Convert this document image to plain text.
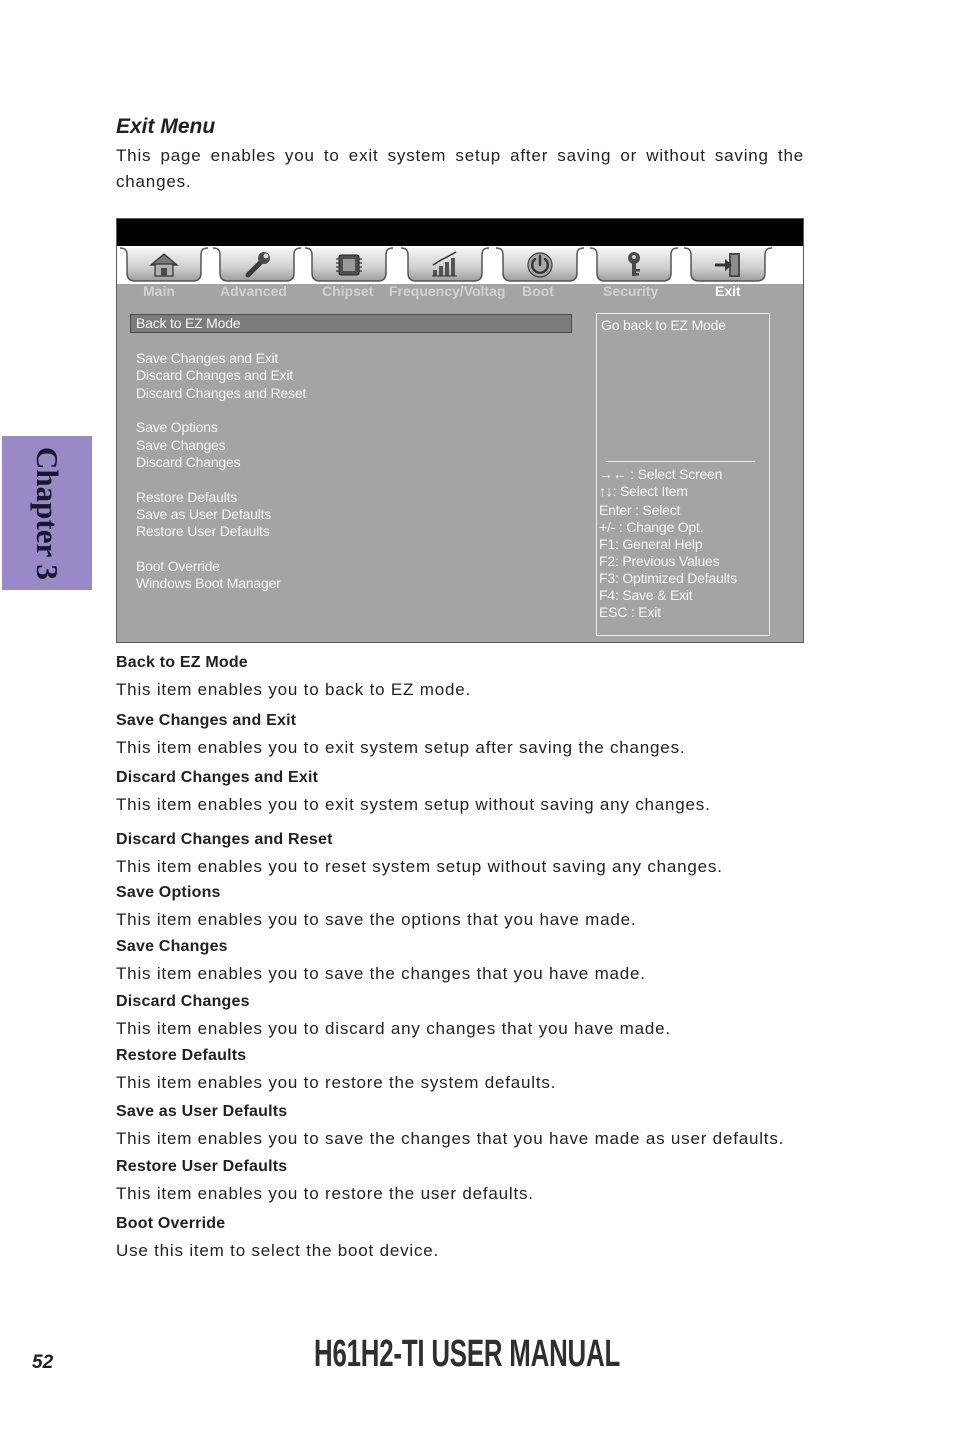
Exit Menu

This page enables you to exit system setup after saving or without saving the changes.

Chapter 3
Main	Advanced	Chipset Frequency/Voltag Boot	Security	Exit
Back to EZ Mode
Save Changes and Exit
Discard Changes and Exit
Discard Changes and Reset
Save Options
Save Changes
Discard Changes
Restore Defaults
Save as User Defaults
Restore User Defaults
Boot Override
Windows Boot Manager
Go back to EZ Mode
→← : Select Screen
↑↓: Select Item
Enter : Select
+/- : Change Opt.
F1: General Help
F2: Previous Values
F3: Optimized Defaults
F4: Save & Exit
ESC : Exit
Back to EZ Mode
This item enables you to back to EZ mode.
Save Changes and Exit
This item enables you to exit system setup after saving the changes.
Discard Changes and Exit
This item enables you to exit system setup without saving any changes.
Discard Changes and Reset
This item enables you to reset system setup without saving any changes.
Save Options
This item enables you to save the options that you have made.
Save Changes
This item enables you to save the changes that you have made.
Discard Changes
This item enables you to discard any changes that you have made.
Restore Defaults
This item enables you to restore the system defaults.
Save as User Defaults
This item enables you to save the changes that you have made as user defaults.
Restore User Defaults
This item enables you to restore the user defaults.
Boot Override
Use this item to select the boot device.
52	H61H2-TI USER MANUAL
